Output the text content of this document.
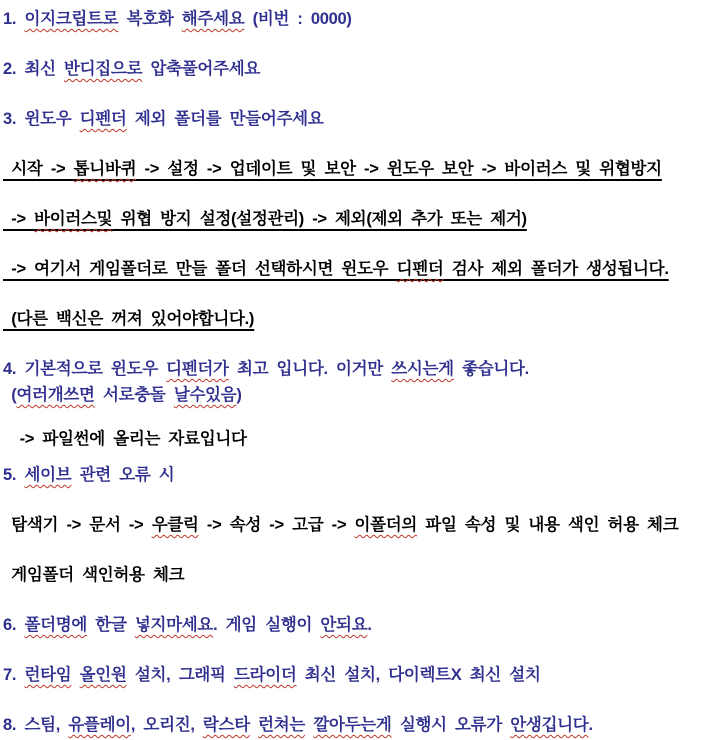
1. 이지크립트로 복호화 해주세요 (비번 : 0000)
2. 최신 반디집으로 압축풀어주세요
3. 윈도우 디펜더 제외 폴더를 만들어주세요
시작 -> 톱니바퀴 -> 설정 -> 업데이트 및 보안 -> 윈도우 보안 -> 바이러스 및 위협방지
-> 바이러스및 위협 방지 설정(설정관리) -> 제외(제외 추가 또는 제거)
-> 여기서 게임폴더로 만들 폴더 선택하시면 윈도우 디펜더 검사 제외 폴더가 생성됩니다.
(다른 백신은 꺼져 있어야합니다.)
4. 기본적으로 윈도우 디펜더가 최고 입니다. 이거만 쓰시는게 좋습니다.
(여러개쓰면 서로충돌 날수있음)
-> 파일썬에 올리는 자료입니다
5. 세이브 관련 오류 시
탐색기 -> 문서 -> 우클릭 -> 속성 -> 고급 -> 이폴더의 파일 속성 및 내용 색인 허용 체크
게임폴더 색인허용 체크
6. 폴더명에 한글 넣지마세요. 게임 실행이 안되요.
7. 런타임 올인원 설치, 그래픽 드라이더 최신 설치, 다이렉트X 최신 설치
8. 스팀, 유플레이, 오리진, 락스타 런쳐는 깔아두는게 실행시 오류가 안생깁니다.
